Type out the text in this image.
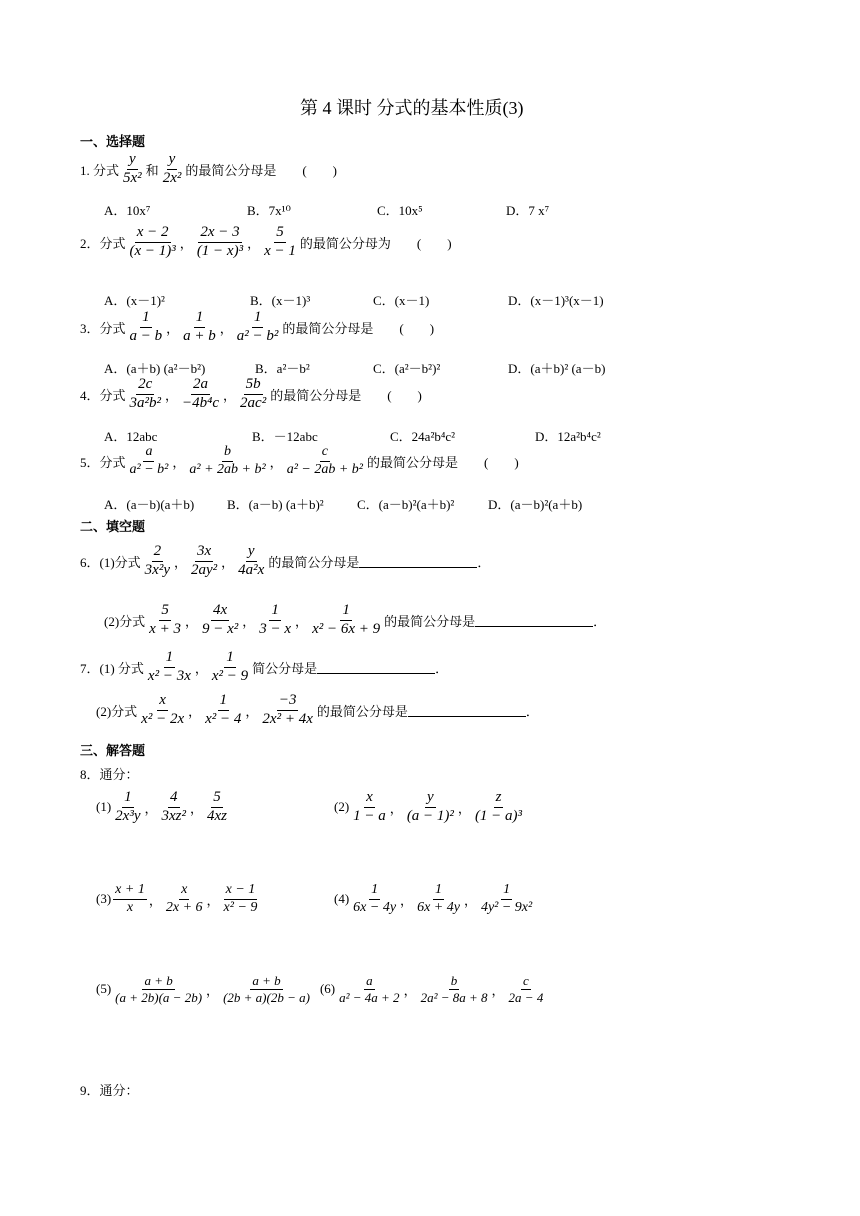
第 4 课时 分式的基本性质(3)
一、选择题
1. 分式
y
5x² 和
y
2x² 的最简公分母是　　(　　)
A．10x⁷	B．7x¹⁰	C．10x⁵	D．7 x⁷
2．分式
x − 2
(x − 1)³ ，
2x − 3
(1 − x)³ ，
5
x − 1 的最简公分母为　　(　　)
A．(x－1)²	B．(x－1)³	C．(x－1)	D．(x－1)³(x－1)
3．分式
1
a − b ，
1
a + b ，
1
a² − b² 的最简公分母是　　(　　)
A．(a＋b) (a²－b²)	B．a²－b²	C．(a²－b²)²	D．(a＋b)² (a－b)
4．分式
2c
3a²b² ，
2a
−4b⁴c ，
5b
2ac² 的最简公分母是　　(　　)
A．12abc	B．－12abc	C．24a²b⁴c²	D．12a²b⁴c²
5．分式
a
a² − b² ，
b
a² + 2ab + b² ，
c
a² − 2ab + b² 的最简公分母是　　(　　)
A．(a－b)(a＋b)	B．(a－b) (a＋b)²	C．(a－b)²(a＋b)²	D．(a－b)²(a＋b)
二、填空题
6．(1)分式
2
3x²y ，
3x
2ay² ，
y
4a²x 的最简公分母是	．
(2)分式
5
x + 3 ，
4x
9 − x² ，
1
3 − x ，
1
x² − 6x + 9 的最简公分母是	．
7．(1) 分式
1
x² − 3x ，
1
x² − 9 简公分母是	．
(2)分式
x
x² − 2x ，
1
x² − 4 ，
−3
2x² + 4x 的最简公分母是	．
三、解答题
8．通分：
(1)
1
2x³y ，
4
3xz² ，
5
4xz
(2)
x
1 − a ，
y
(a − 1)² ，
z
(1 − a)³
(3)
x + 1
x ，
x
2x + 6 ，
x − 1
x² − 9
(4)
1
6x − 4y ，
1
6x + 4y ，
1
4y² − 9x²
(5)
a + b
(a + 2b)(a − 2b) ，
a + b
(2b + a)(2b − a)
(6)
a
a² − 4a + 2 ，
b
2a² − 8a + 8 ，
c
2a − 4
9．通分：
